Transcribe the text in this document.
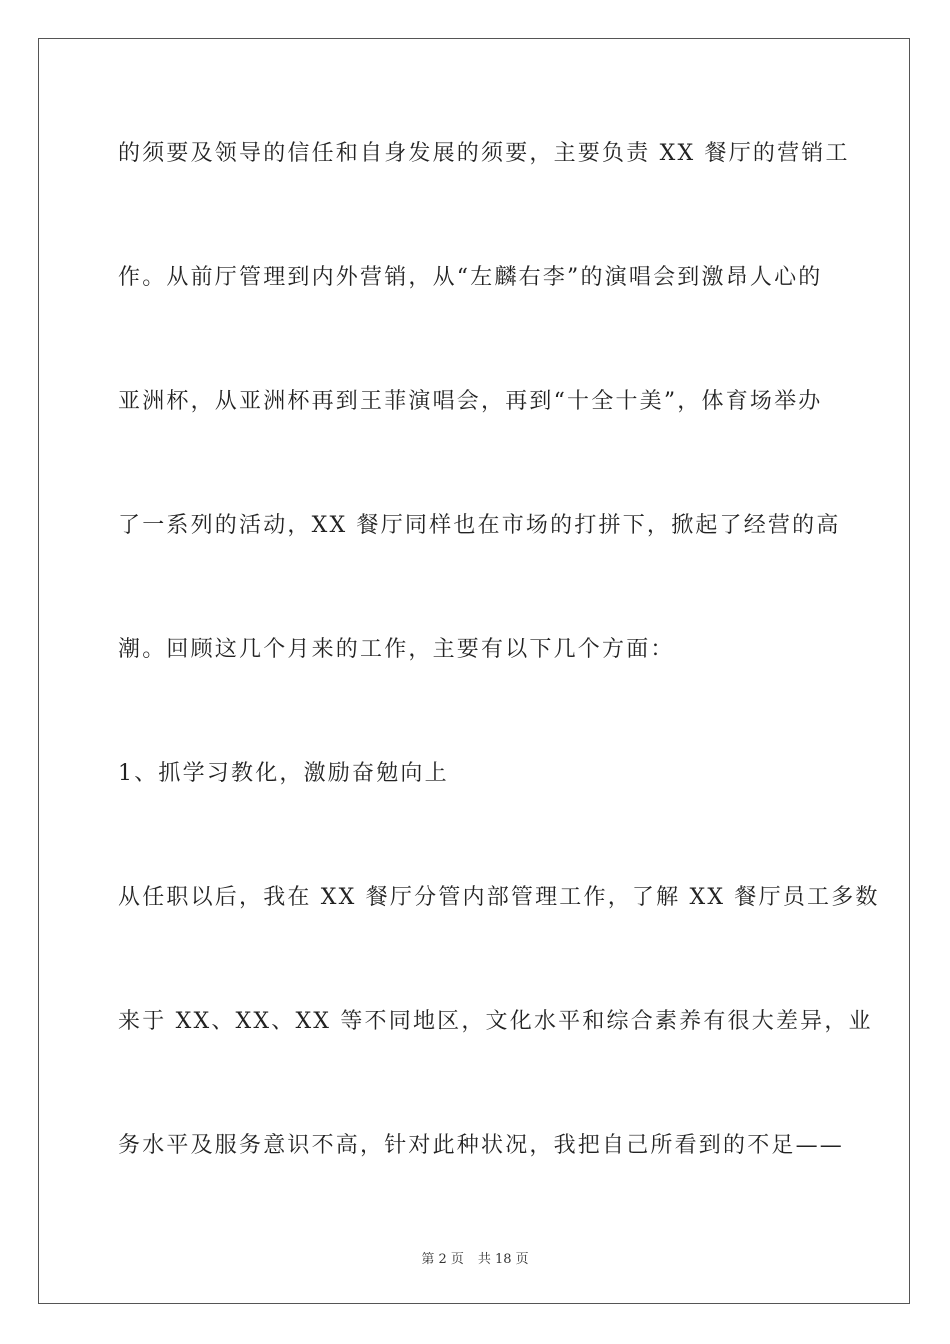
的须要及领导的信任和自身发展的须要，主要负责 XX 餐厅的营销工
作。从前厅管理到内外营销，从“左麟右李”的演唱会到激昂人心的
亚洲杯，从亚洲杯再到王菲演唱会，再到“十全十美”，体育场举办
了一系列的活动，XX 餐厅同样也在市场的打拼下，掀起了经营的高
潮。回顾这几个月来的工作，主要有以下几个方面：
1、抓学习教化，激励奋勉向上
从任职以后，我在 XX 餐厅分管内部管理工作，了解 XX 餐厅员工多数
来于 XX、XX、XX 等不同地区，文化水平和综合素养有很大差异，业
务水平及服务意识不高，针对此种状况，我把自己所看到的不足——
第 2 页 共 18 页
